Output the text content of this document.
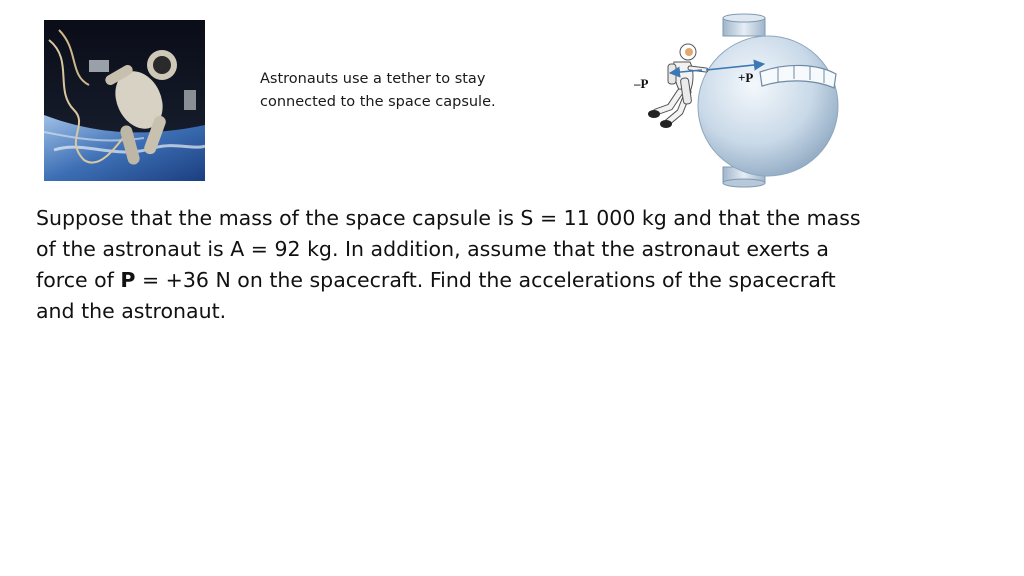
Astronauts use a tether to stay
connected to the space capsule.
–P	+P
Suppose that the mass of the space capsule is S = 11 000 kg and that the mass
of the astronaut is A = 92 kg. In addition, assume that the astronaut exerts a
force of P = +36 N on the spacecraft. Find the accelerations of the spacecraft
and the astronaut.
